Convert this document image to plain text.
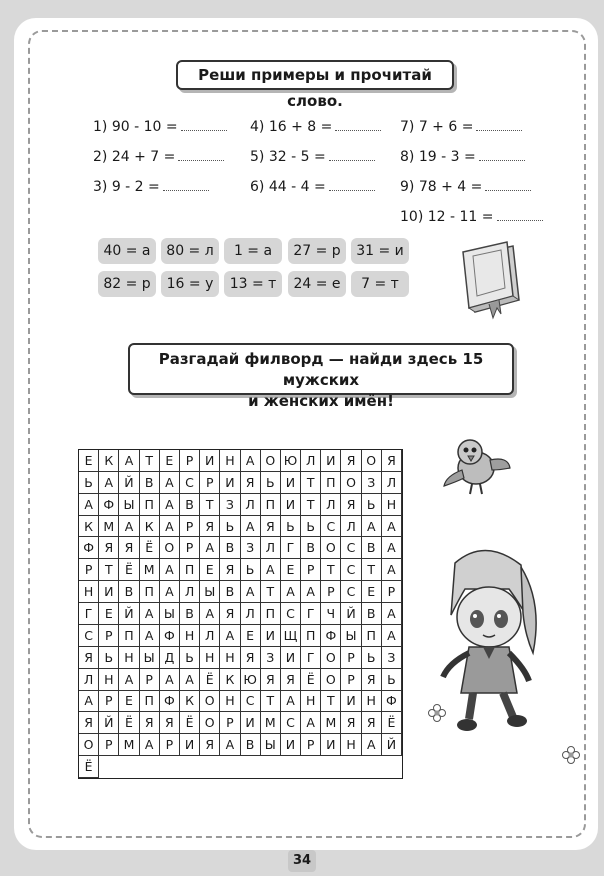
Реши примеры и прочитай слово.
1) 90 - 10 =
2) 24 + 7 =
3) 9 - 2 =
4) 16 + 8 =
5) 32 - 5 =
6) 44 - 4 =
7) 7 + 6 =
8) 19 - 3 =
9) 78 + 4 =
10) 12 - 11 =
40 = а	80 = л	1 = а	27 = р	31 = и
82 = р	16 = у	13 = т	24 = е	7 = т
Разгадай филворд — найди здесь 15 мужских
и женских имён!
Е К А Т Е Р И Н А О Ю Л И Я О Я
Ь А Й В А С Р И Я Ь И Т П О З Л
А Ф Ы П А В Т З Л П И Т Л Я Ь Н
К М А К А Р Я Ь А Я Ь Ь С Л А А
Ф Я Я Ё О Р А В З Л Г В О С В А
Р	Т Ё М А П Е Я Ь А Е Р	Т С Т А
Н И В П А Л Ы В А Т А А Р С Е Р
Г Е Й А Ы В А Я Л П С Г Ч Й В А
С Р П А Ф Н Л А Е И Щ П Ф Ы П А
Я Ь Н Ы Д Ь Н Н Я З И Г О Р Ь З
Л Н А Р А А Ё К Ю Я Я Ё О Р Я Ь
А Р Е П Ф К О Н С Т А Н Т И Н Ф
Я Й Ё Я Я Ё О Р И М С А М Я Я Ё
О Р М А Р И Я А В Ы И Р И Н А Й
Ё
34
